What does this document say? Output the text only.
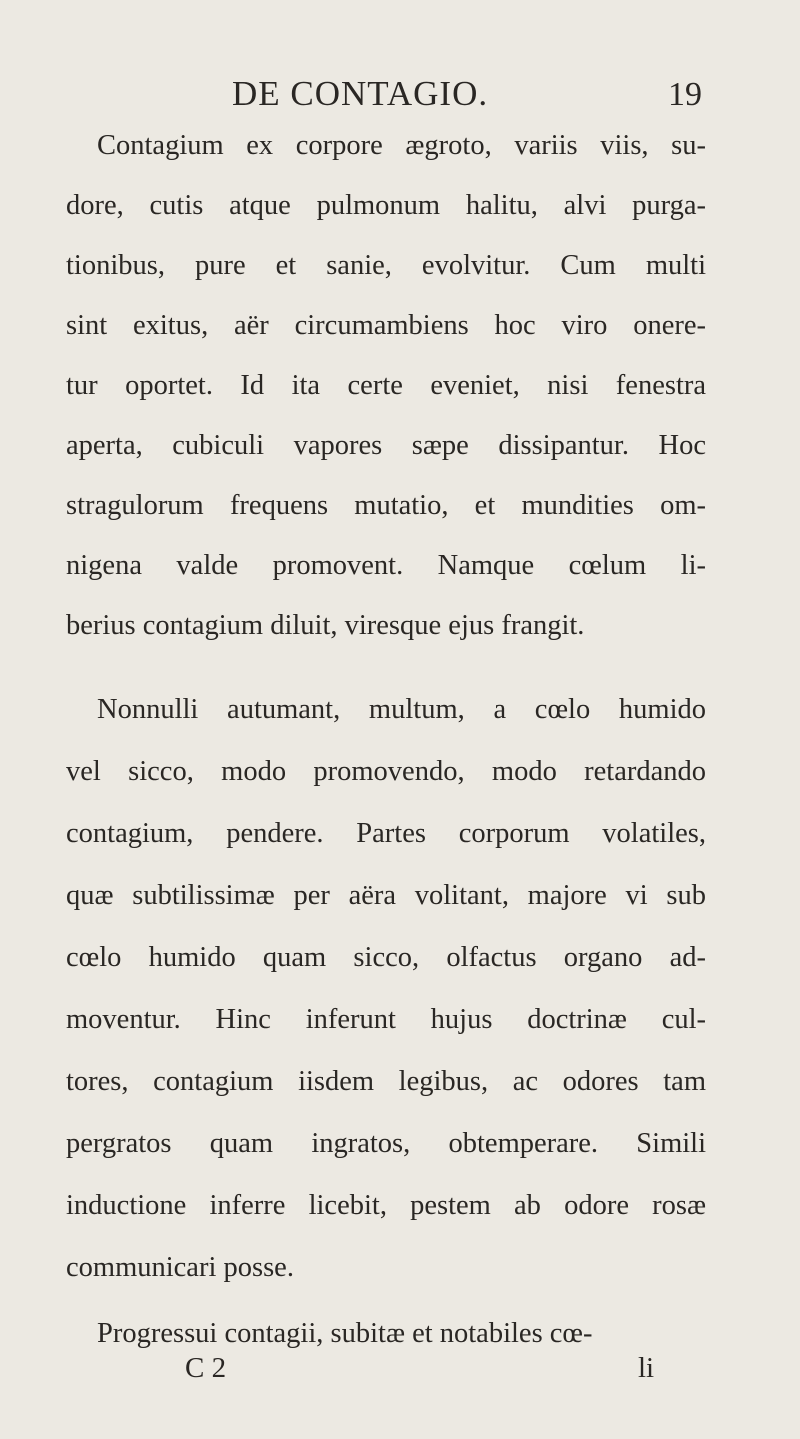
DE CONTAGIO.	19
Contagium ex corpore ægroto, variis viis, su-
dore, cutis atque pulmonum halitu, alvi purga-
tionibus, pure et sanie, evolvitur. Cum multi
sint exitus, aër circumambiens hoc viro onere-
tur oportet. Id ita certe eveniet, nisi fenestra
aperta, cubiculi vapores sæpe dissipantur. Hoc
stragulorum frequens mutatio, et mundities om-
nigena valde promovent. Namque cœlum li-
berius contagium diluit, viresque ejus frangit.
Nonnulli autumant, multum, a cœlo humido
vel sicco, modo promovendo, modo retardando
contagium, pendere. Partes corporum volatiles,
quæ subtilissimæ per aëra volitant, majore vi sub
cœlo humido quam sicco, olfactus organo ad-
moventur. Hinc inferunt hujus doctrinæ cul-
tores, contagium iisdem legibus, ac odores tam
pergratos quam ingratos, obtemperare. Simili
inductione inferre licebit, pestem ab odore rosæ
communicari posse.
Progressui contagii, subitæ et notabiles cœ-
C 2	li
